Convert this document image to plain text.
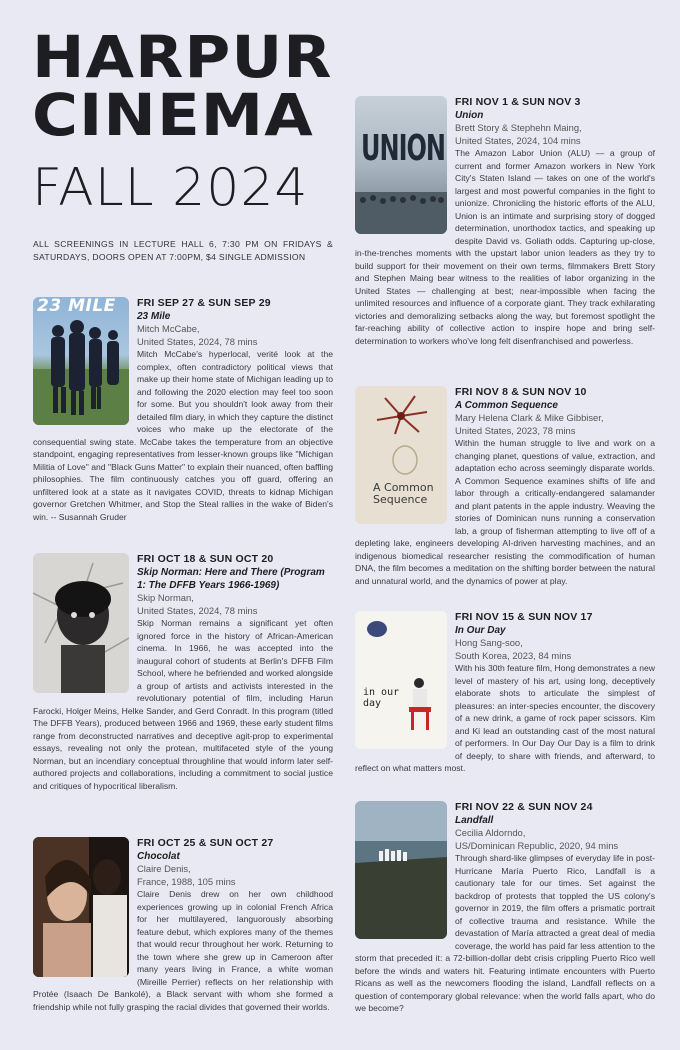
HARPUR
CINEMA
FALL 2024
ALL SCREENINGS IN LECTURE HALL 6, 7:30 PM ON FRIDAYS & SATURDAYS, DOORS OPEN AT 7:00PM, $4 SINGLE ADMISSION
23 MILE	FRI SEP 27 & SUN SEP 29
23 Mile
Mitch McCabe,
United States, 2024, 78 mins
Mitch McCabe's hyperlocal, verité look at the complex, often contradictory political views that make up their home state of Michigan leading up to and following the 2020 election may feel too soon for some. But you shouldn't look away from their detailed film diary, in which they capture the distinct voices who make up the electorate of the consequential swing state. McCabe takes the temperature from an objective standpoint, engaging representatives from lesser-known groups like "Michigan Militia of Love" and "Black Guns Matter" to explain their nuanced, often baffling philosophies. The film continuously catches you off guard, offering an unfiltered look at a state as it navigates COVID, threats to kidnap Michigan governor Gretchen Whitmer, and Stop the Steal rallies in the wake of Biden's win. -- Susannah Gruder
FRI OCT 18 & SUN OCT 20
Skip Norman: Here and There (Program 1: The DFFB Years 1966-1969)
Skip Norman,
United States, 2024, 78 mins
Skip Norman remains a significant yet often ignored force in the history of African-American cinema. In 1966, he was accepted into the inaugural cohort of students at Berlin's DFFB Film School, where he befriended and worked alongside a group of artists and activists interested in the revolutionary potential of film, including Harun Farocki, Holger Meins, Helke Sander, and Gerd Conradt. In this program (titled The DFFB Years), produced between 1966 and 1969, these early student films range from deconstructed narratives and deceptive agit-prop to experimental essays, revealing not only the protean, multifaceted style of the young Norman, but an incendiary conceptual throughline that would inform later self-authored projects and collaborations, including a commitment to social justice and critiques of hypocritical liberalism.
FRI OCT 25 & SUN OCT 27
Chocolat
Claire Denis,
France, 1988, 105 mins
Claire Denis drew on her own childhood experiences growing up in colonial French Africa for her multilayered, languorously absorbing feature debut, which explores many of the themes that would recur throughout her work. Returning to the town where she grew up in Cameroon after many years living in France, a white woman (Mireille Perrier) reflects on her relationship with Protée (Isaach De Bankolé), a Black servant with whom she formed a friendship while not fully grasping the racial divides that governed their worlds.
UNION
FRI NOV 1 & SUN NOV 3
Union
Brett Story & Stephehn Maing,
United States, 2024, 104 mins
The Amazon Labor Union (ALU) — a group of current and former Amazon workers in New York City's Staten Island — takes on one of the world's largest and most powerful companies in the fight to unionize. Chronicling the historic efforts of the ALU, Union is an intimate and surprising story of dogged determination, unorthodox tactics, and speaking up despite David vs. Goliath odds. Capturing up-close, in-the-trenches moments with the upstart labor union leaders as they try to build support for their movement on their own terms, filmmakers Brett Story and Stephen Maing bear witness to the realities of labor organizing in the United States — challenging at best; near-impossible when facing the unlimited resources and influence of a corporate giant. They track exhilarating victories and demoralizing setbacks along the way, but foremost spotlight the far-reaching ability of collective action to inspire hope and bring self-determination to workers who've long felt disenfranchised and powerless.
A Common Sequence
FRI NOV 8 & SUN NOV 10
A Common Sequence
Mary Helena Clark & Mike Gibbiser,
United States, 2023, 78 mins
Within the human struggle to live and work on a changing planet, questions of value, extraction, and adaptation echo across seemingly disparate worlds. A Common Sequence examines shifts of life and labor through a critically-endangered salamander and plant patents in the apple industry. Weaving the stories of Dominican nuns running a conservation lab, a group of fisherman attempting to live off of a depleting lake, engineers developing AI-driven harvesting machines, and an indigenous biomedical researcher resisting the commodification of human DNA, the film becomes a meditation on the shifting border between the natural and unnatural world, and the dynamics of power at play.
in our day
FRI NOV 15 & SUN NOV 17
In Our Day
Hong Sang-soo,
South Korea, 2023, 84 mins
With his 30th feature film, Hong demonstrates a new level of mastery of his art, using long, deceptively elaborate shots to articulate the simplest of pleasures: an inter-species encounter, the discovery of a new drink, a game of rock paper scissors. Kim and Ki lead an outstanding cast of the most natural of performers. In Our Day Our Day is a film to drink of deeply, to share with friends, and afterward, to reflect on what matters most.
FRI NOV 22 & SUN NOV 24
Landfall
Cecilia Aldorndo,
US/Dominican Republic, 2020, 94 mins
Through shard-like glimpses of everyday life in post-Hurricane María Puerto Rico, Landfall is a cautionary tale for our times. Set against the backdrop of protests that toppled the US colony's governor in 2019, the film offers a prismatic portrait of collective trauma and resistance. While the devastation of María attracted a great deal of media coverage, the world has paid far less attention to the storm that preceded it: a 72-billion-dollar debt crisis crippling Puerto Rico well before the winds and waters hit. Featuring intimate encounters with Puerto Ricans as well as the newcomers flooding the island, Landfall reflects on a question of contemporary global relevance: when the world falls apart, who do we become?
